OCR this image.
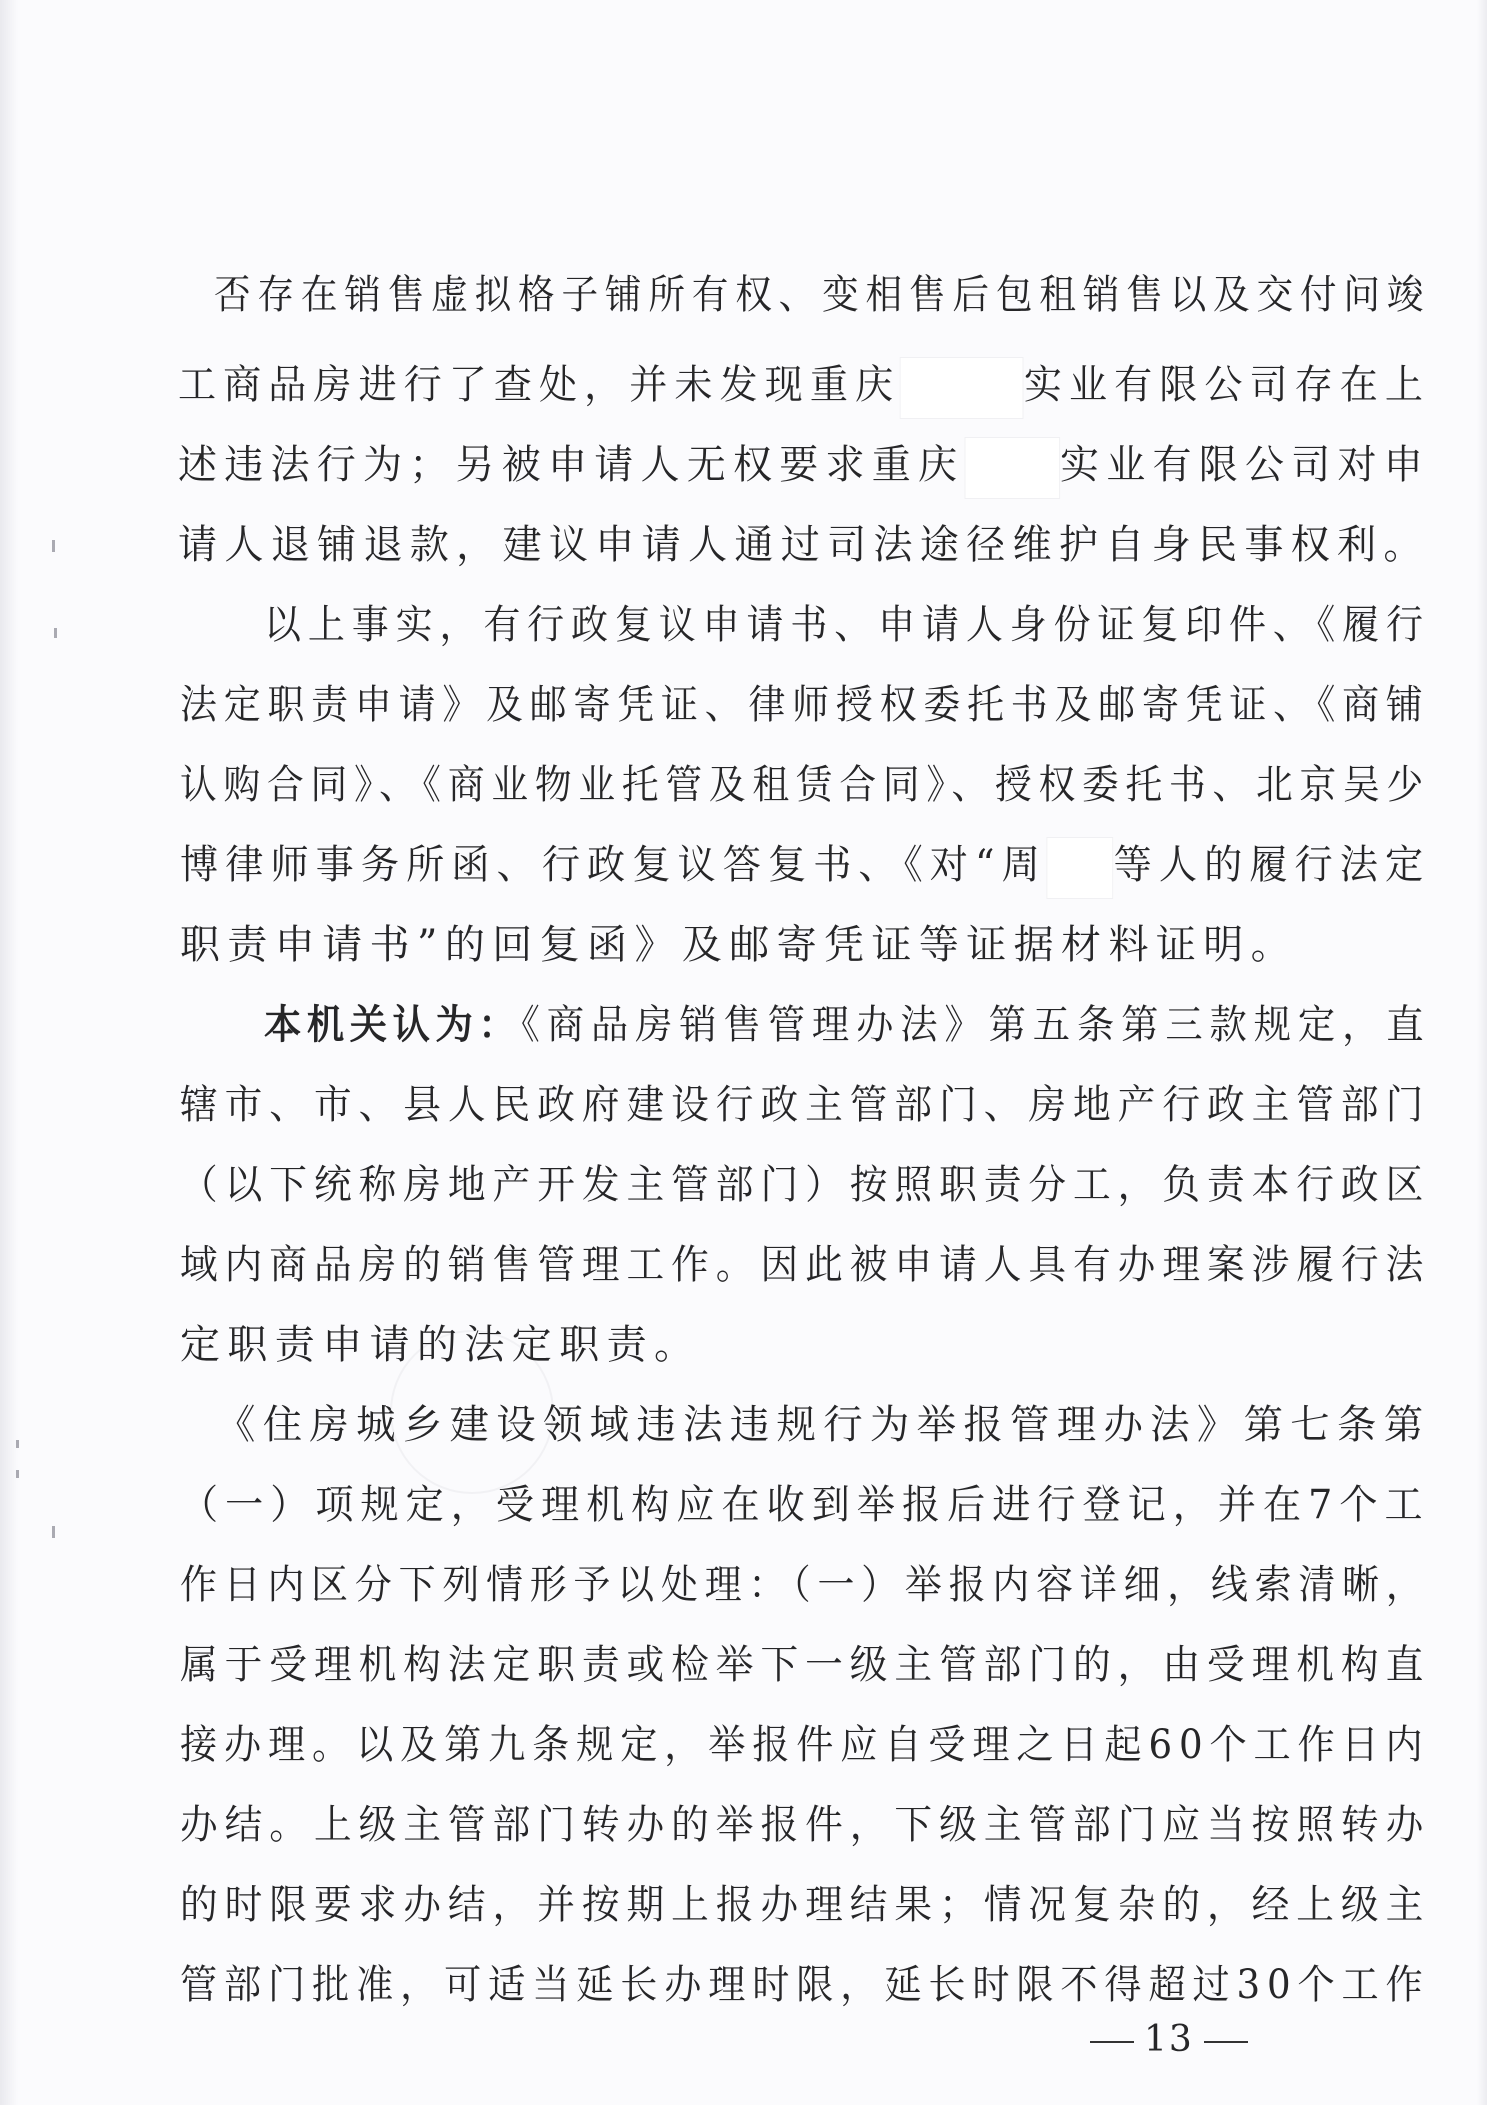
否存在销售虚拟格子铺所有权、变相售后包租销售以及交付问竣
工商品房进行了查处，并未发现重庆	实业有限公司存在上
述违法行为；另被申请人无权要求重庆 实业有限公司对申
请人退铺退款，建议申请人通过司法途径维护自身民事权利。
以上事实，有行政复议申请书、申请人身份证复印件、《履行
法定职责申请》及邮寄凭证、律师授权委托书及邮寄凭证、《商铺
认购合同》、《商业物业托管及租赁合同》、授权委托书、北京吴少
博律师事务所函、行政复议答复书、《对“周 等人的履行法定
职责申请书”的回复函》及邮寄凭证等证据材料证明。
本机关认为：《商品房销售管理办法》第五条第三款规定，直
辖市、市、县人民政府建设行政主管部门、房地产行政主管部门
（以下统称房地产开发主管部门）按照职责分工，负责本行政区
域内商品房的销售管理工作。因此被申请人具有办理案涉履行法
定职责申请的法定职责。
《住房城乡建设领域违法违规行为举报管理办法》第七条第
（一）项规定，受理机构应在收到举报后进行登记，并在7个工
作日内区分下列情形予以处理：（一）举报内容详细，线索清晰，
属于受理机构法定职责或检举下一级主管部门的，由受理机构直
接办理。以及第九条规定，举报件应自受理之日起60个工作日内
办结。上级主管部门转办的举报件，下级主管部门应当按照转办
的时限要求办结，并按期上报办理结果；情况复杂的，经上级主
管部门批准，可适当延长办理时限，延长时限不得超过30个工作
13
